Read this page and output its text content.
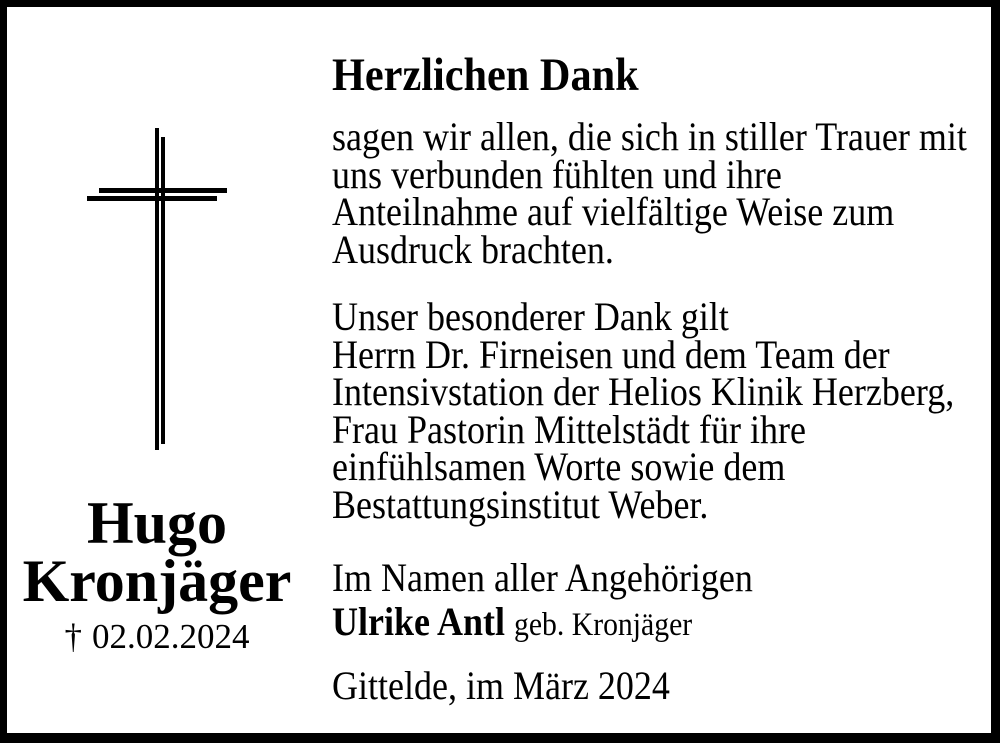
Hugo
Kronjäger
† 02.02.2024
Herzlichen Dank
sagen wir allen, die sich in stiller Trauer mit
uns verbunden fühlten und ihre
Anteilnahme auf vielfältige Weise zum
Ausdruck brachten.
Unser besonderer Dank gilt
Herrn Dr. Firneisen und dem Team der
Intensivstation der Helios Klinik Herzberg,
Frau Pastorin Mittelstädt für ihre
einfühlsamen Worte sowie dem
Bestattungsinstitut Weber.
Im Namen aller Angehörigen
Ulrike Antl geb. Kronjäger
Gittelde, im März 2024
